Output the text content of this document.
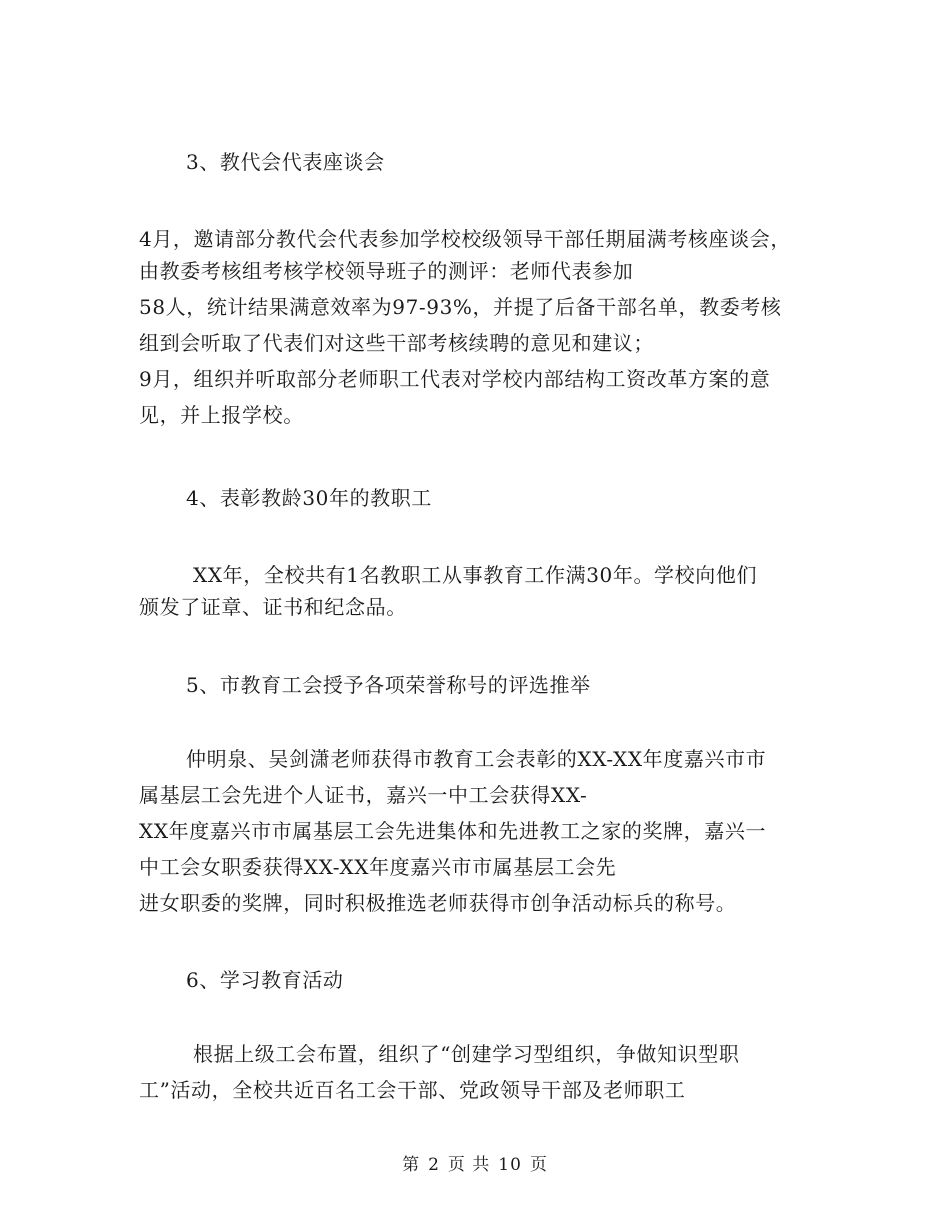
3、教代会代表座谈会
4月，邀请部分教代会代表参加学校校级领导干部任期届满考核座谈会，
由教委考核组考核学校领导班子的测评：老师代表参加
58人，统计结果满意效率为97-93%，并提了后备干部名单，教委考核
组到会听取了代表们对这些干部考核续聘的意见和建议；
9月，组织并听取部分老师职工代表对学校内部结构工资改革方案的意
见，并上报学校。
4、表彰教龄30年的教职工
XX年，全校共有1名教职工从事教育工作满30年。学校向他们
颁发了证章、证书和纪念品。
5、市教育工会授予各项荣誉称号的评选推举
仲明泉、吴剑潇老师获得市教育工会表彰的XX-XX年度嘉兴市市
属基层工会先进个人证书，嘉兴一中工会获得XX-
XX年度嘉兴市市属基层工会先进集体和先进教工之家的奖牌，嘉兴一
中工会女职委获得XX-XX年度嘉兴市市属基层工会先
进女职委的奖牌，同时积极推选老师获得市创争活动标兵的称号。
6、学习教育活动
根据上级工会布置，组织了“创建学习型组织，争做知识型职
工”活动，全校共近百名工会干部、党政领导干部及老师职工
第 2 页 共 10 页
